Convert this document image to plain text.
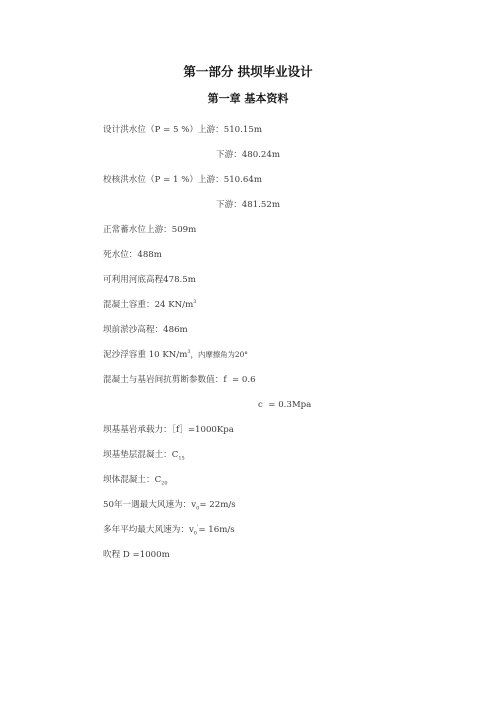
第一部分 拱坝毕业设计
第一章 基本资料
设计洪水位（P = 5 %）上游：510.15m
下游：480.24m
校核洪水位（P = 1 %）上游：510.64m
下游：481.52m
正常蓄水位上游：509m
死水位：488m
可利用河底高程478.5m
混凝土容重：24 $KN/m^3$
坝前淤沙高程：486m
泥沙浮容重 10 $KN/m^3$，内摩擦角为20°
混凝土与基岩间抗剪断参数值：f  = 0.6
c  = 0.3Mpa
坝基基岩承载力：［f］=1000Kpa
坝基垫层混凝土：$C_{15}$
坝体混凝土：$C_{20}$
50年一遇最大风速为：$v_0= 22m/s$
多年平均最大风速为：$v_0'= 16m/s$
吹程 D =1000m
